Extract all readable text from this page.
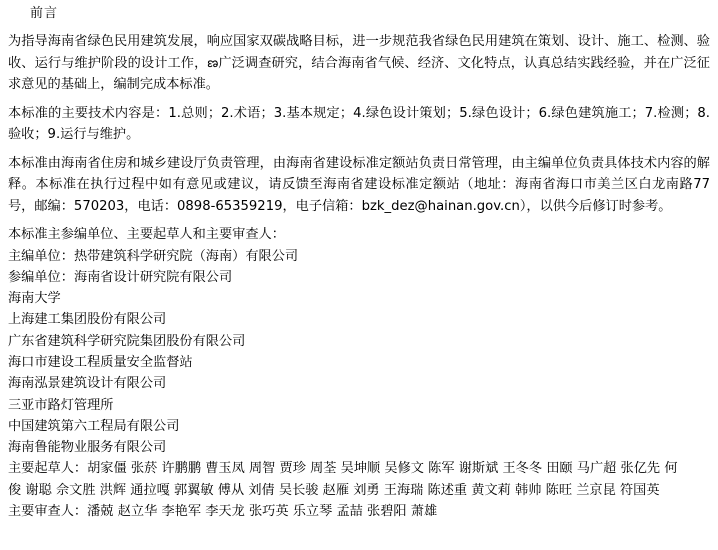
前言
为指导海南省绿色民用建筑发展，响应国家双碳战略目标，进一步规范我省绿色民用建筑在策划、设计、施工、检测、验收、运行与维护阶段的设计工作，ణ广泛调查研究，结合海南省气候、经济、文化特点，认真总结实践经验，并在广泛征求意见的基础上，编制完成本标准。
本标准的主要技术内容是：1.总则；2.术语；3.基本规定；4.绿色设计策划；5.绿色设计；6.绿色建筑施工；7.检测；8.验收；9.运行与维护。
本标准由海南省住房和城乡建设厅负责管理，由海南省建设标准定额站负责日常管理，由主编单位负责具体技术内容的解释。本标准在执行过程中如有意见或建议，请反馈至海南省建设标准定额站（地址：海南省海口市美兰区白龙南路77号，邮编：570203，电话：0898-65359219，电子信箱：bzk_dez@hainan.gov.cn），以供今后修订时参考。
本标准主参编单位、主要起草人和主要审查人：
主编单位：热带建筑科学研究院（海南）有限公司
参编单位：海南省设计研究院有限公司
海南大学
上海建工集团股份有限公司
广东省建筑科学研究院集团股份有限公司
海口市建设工程质量安全监督站
海南泓景建筑设计有限公司
三亚市路灯管理所
中国建筑第六工程局有限公司
海南鲁能物业服务有限公司
主要起草人：胡家僵 张菸 许鹏鹏 曹玉凤 周智 贾珍 周荃 吴坤顺 吴修文 陈军 谢斯斌 王冬冬 田颐 马广超 张亿先 何
俊 谢聪 佘文胜 洪辉 通拉嘎 郭翼敏 傅从 刘倩 吴长骏 赵雁 刘勇 王海瑞 陈述重 黄文莉 韩帅 陈旺 兰京昆 符国英
主要审查人：潘兢 赵立华 李艳军 李天龙 张巧英 乐立琴 孟喆 张碧阳 萧雄
